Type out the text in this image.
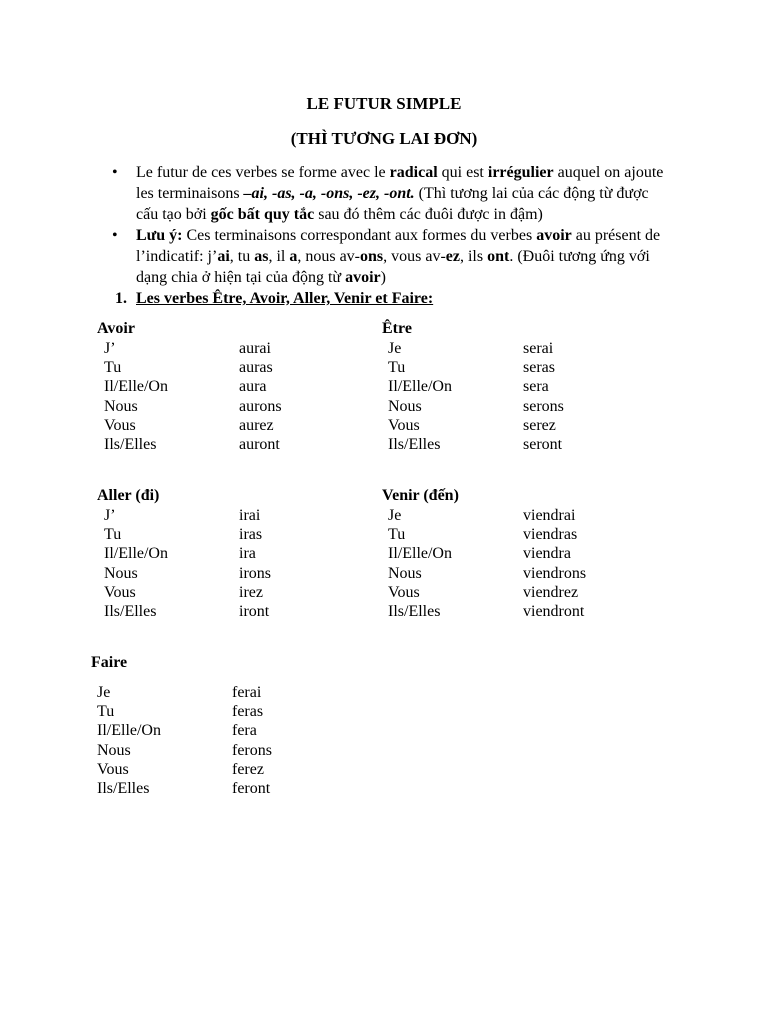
LE FUTUR SIMPLE
(THÌ TƯƠNG LAI ĐƠN)
• Le futur de ces verbes se forme avec le radical qui est irrégulier auquel on ajoute
les terminaisons –ai, -as, -a, -ons, -ez, -ont. (Thì tương lai của các động từ được
cấu tạo bởi gốc bất quy tắc sau đó thêm các đuôi được in đậm)
• Lưu ý: Ces terminaisons correspondant aux formes du verbes avoir au présent de
l’indicatif: j’ai, tu as, il a, nous av-ons, vous av-ez, ils ont. (Đuôi tương ứng với
dạng chia ở hiện tại của động từ avoir)
1. Les verbes Être, Avoir, Aller, Venir et Faire:
Avoir
J’	aurai
Tu	auras
Il/Elle/On	aura
Nous	aurons
Vous	aurez
Ils/Elles	auront
Être
Je	serai
Tu	seras
Il/Elle/On	sera
Nous	serons
Vous	serez
Ils/Elles	seront
Aller (đi)
J’	irai
Tu	iras
Il/Elle/On	ira
Nous	irons
Vous	irez
Ils/Elles	iront
Venir (đến)
Je	viendrai
Tu	viendras
Il/Elle/On	viendra
Nous	viendrons
Vous	viendrez
Ils/Elles	viendront
Faire
Je	ferai
Tu	feras
Il/Elle/On	fera
Nous	ferons
Vous	ferez
Ils/Elles	feront
